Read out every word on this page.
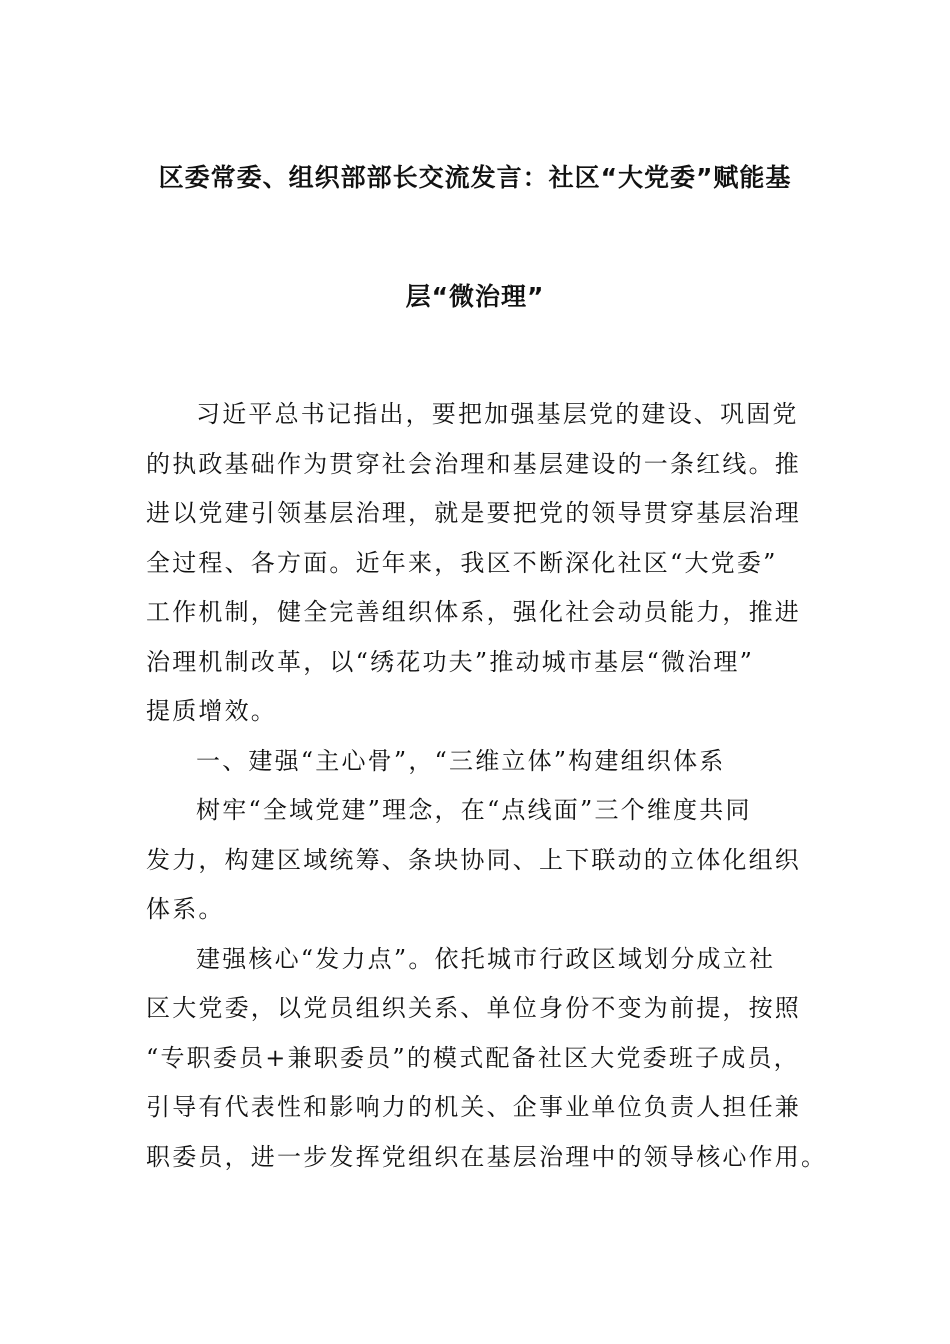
区委常委、组织部部长交流发言：社区“大党委”赋能基
层“微治理”
习近平总书记指出，要把加强基层党的建设、巩固党
的执政基础作为贯穿社会治理和基层建设的一条红线。推
进以党建引领基层治理，就是要把党的领导贯穿基层治理
全过程、各方面。近年来，我区不断深化社区“大党委”
工作机制，健全完善组织体系，强化社会动员能力，推进
治理机制改革，以“绣花功夫”推动城市基层“微治理”
提质增效。
一、建强“主心骨”，“三维立体”构建组织体系
树牢“全域党建”理念，在“点线面”三个维度共同
发力，构建区域统筹、条块协同、上下联动的立体化组织
体系。
建强核心“发力点”。依托城市行政区域划分成立社
区大党委，以党员组织关系、单位身份不变为前提，按照
“专职委员+兼职委员”的模式配备社区大党委班子成员，
引导有代表性和影响力的机关、企事业单位负责人担任兼
职委员，进一步发挥党组织在基层治理中的领导核心作用。
